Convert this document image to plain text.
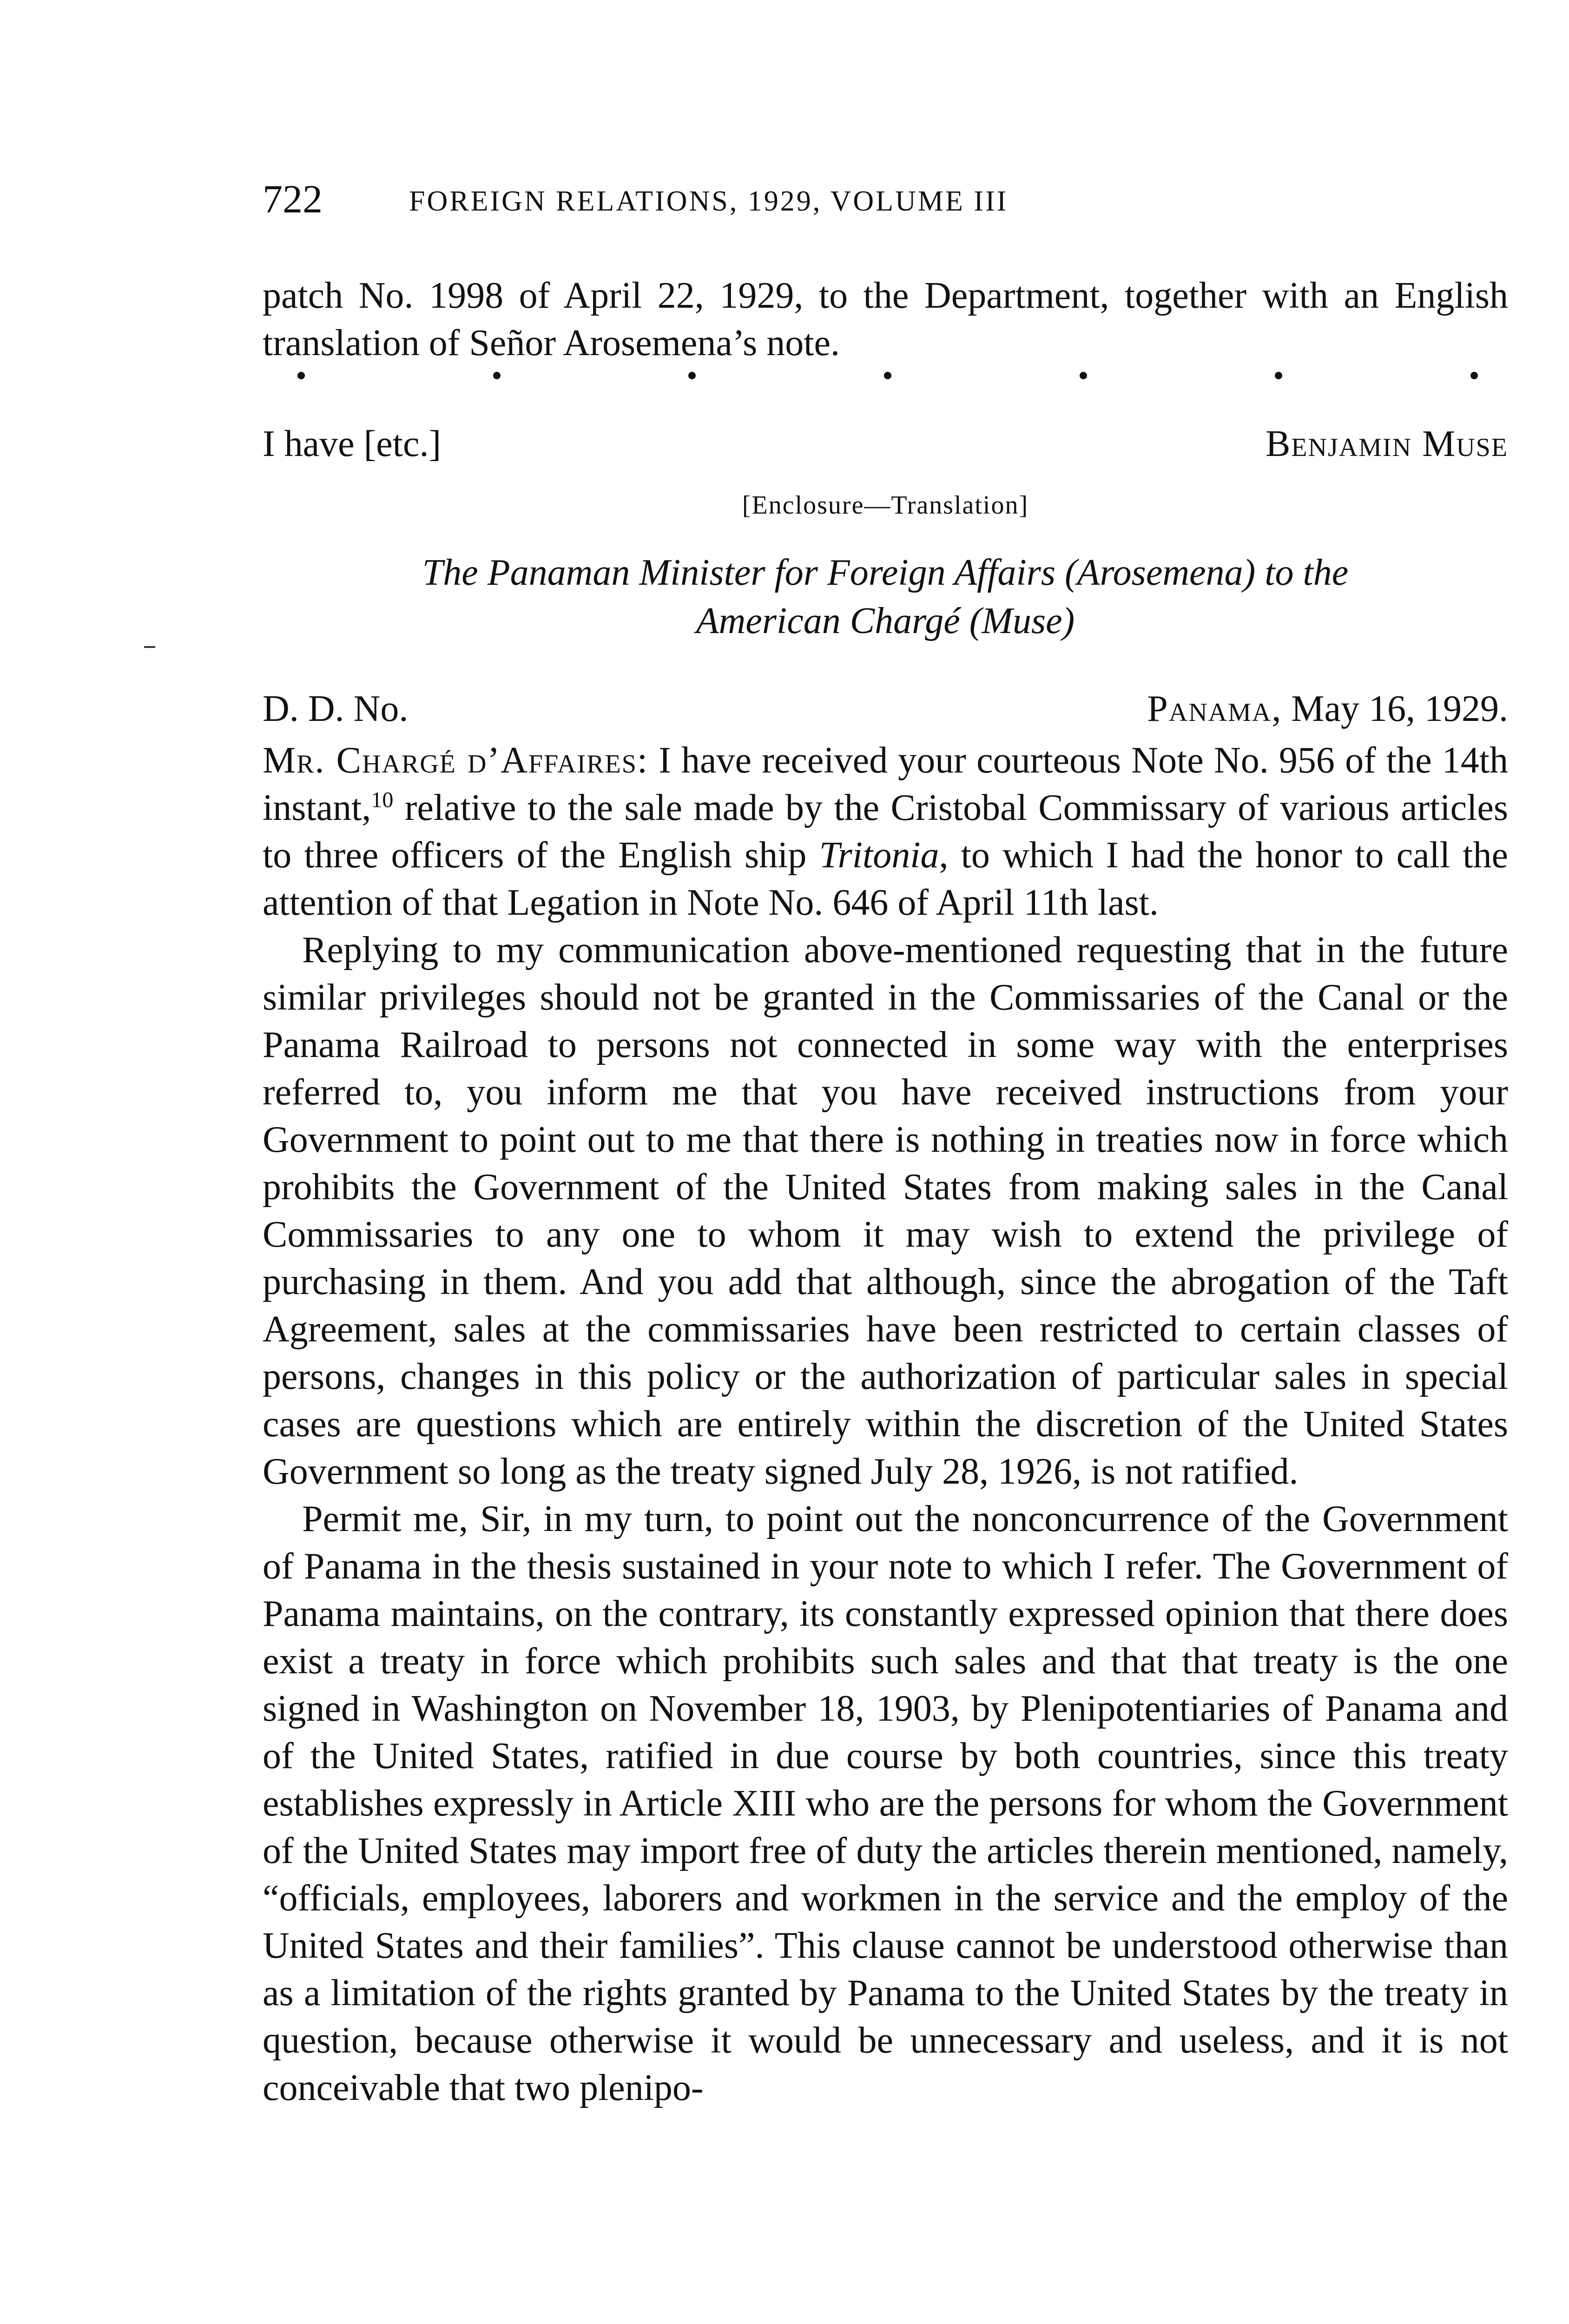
722	FOREIGN RELATIONS, 1929, VOLUME III

patch No. 1998 of April 22, 1929, to the Department, together with an English translation of Señor Arosemena’s note.

I have [etc.]	Benjamin Muse
[Enclosure—Translation]
The Panaman Minister for Foreign Affairs (Arosemena) to the
American Chargé (Muse)
D. D. No.	Panama, May 16, 1929.

Mr. Chargé d’Affaires: I have received your courteous Note No. 956 of the 14th instant,$^{10}$ relative to the sale made by the Cristobal Commissary of various articles to three officers of the English ship Tritonia, to which I had the honor to call the attention of that Legation in Note No. 646 of April 11th last.

Replying to my communication above-mentioned requesting that in the future similar privileges should not be granted in the Commissaries of the Canal or the Panama Railroad to persons not connected in some way with the enterprises referred to, you inform me that you have received instructions from your Government to point out to me that there is nothing in treaties now in force which prohibits the Government of the United States from making sales in the Canal Commissaries to any one to whom it may wish to extend the privilege of purchasing in them. And you add that although, since the abrogation of the Taft Agreement, sales at the commissaries have been restricted to certain classes of persons, changes in this policy or the authorization of particular sales in special cases are questions which are entirely within the discretion of the United States Government so long as the treaty signed July 28, 1926, is not ratified.

Permit me, Sir, in my turn, to point out the nonconcurrence of the Government of Panama in the thesis sustained in your note to which I refer. The Government of Panama maintains, on the contrary, its constantly expressed opinion that there does exist a treaty in force which prohibits such sales and that that treaty is the one signed in Washington on November 18, 1903, by Plenipotentiaries of Panama and of the United States, ratified in due course by both countries, since this treaty establishes expressly in Article XIII who are the persons for whom the Government of the United States may import free of duty the articles therein mentioned, namely, “officials, employees, laborers and workmen in the service and the employ of the United States and their families”. This clause cannot be understood otherwise than as a limitation of the rights granted by Panama to the United States by the treaty in question, because otherwise it would be unnecessary and useless, and it is not conceivable that two plenipo-
